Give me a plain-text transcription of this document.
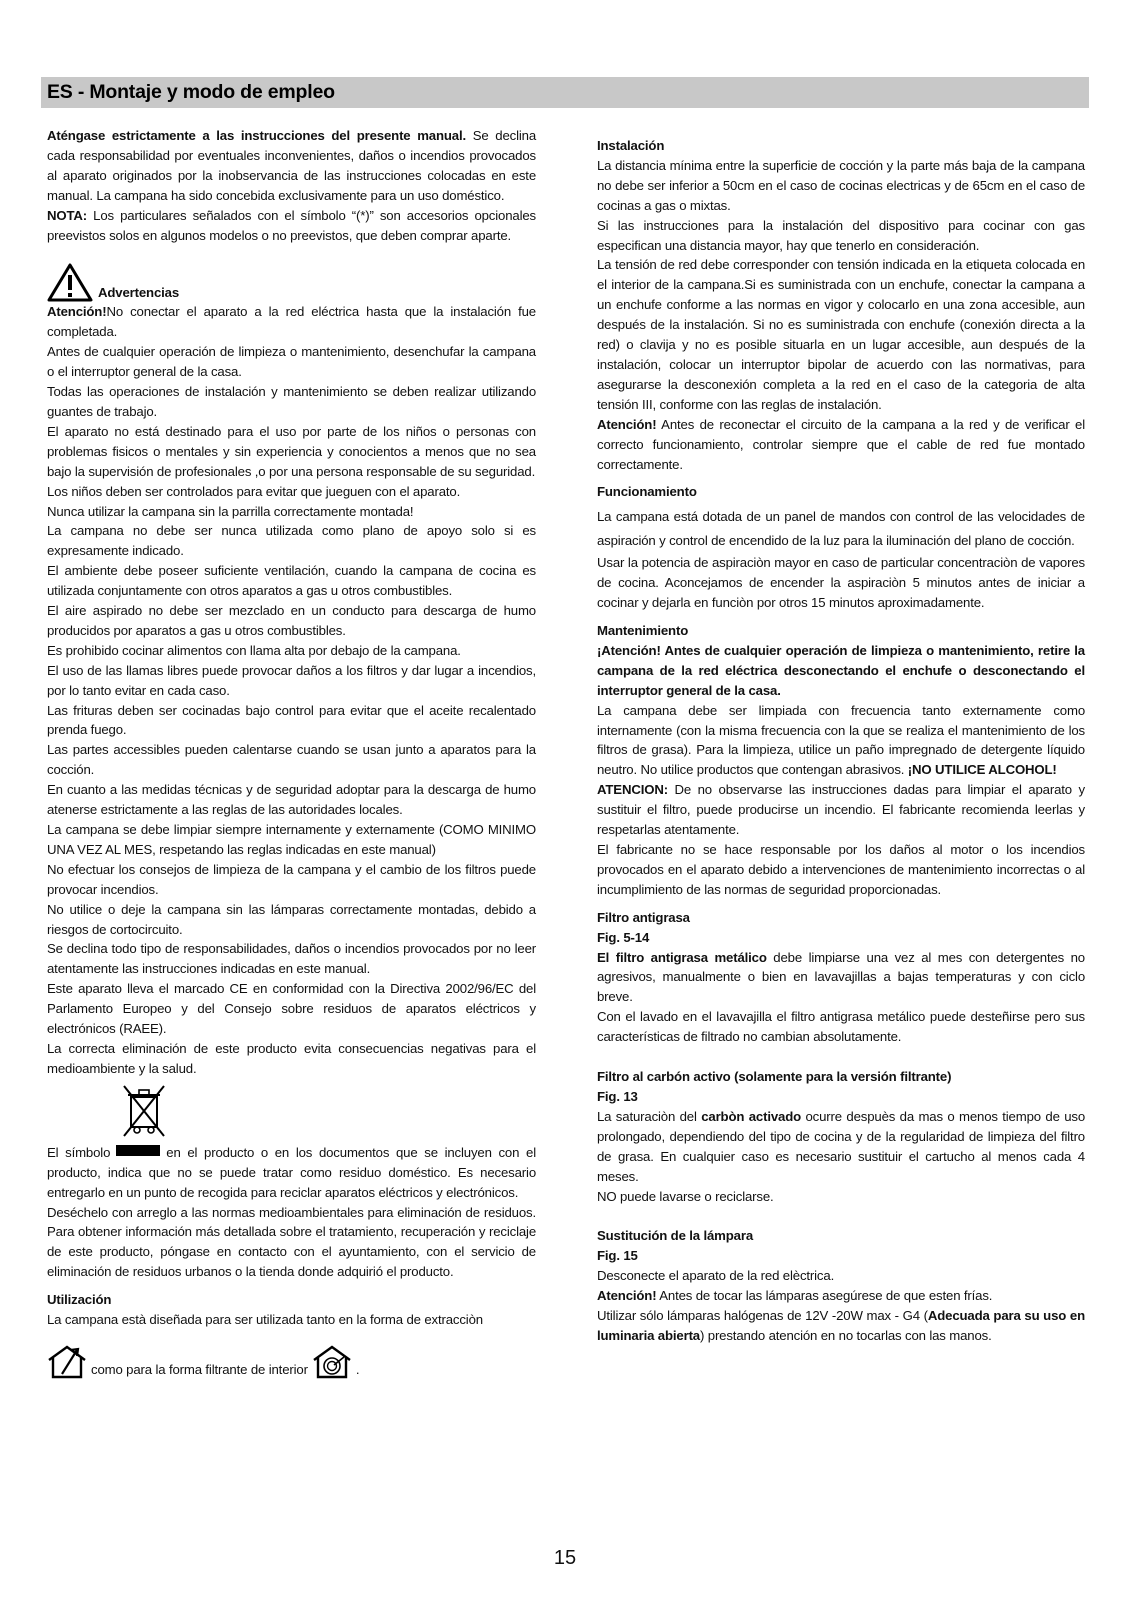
ES - Montaje y modo de empleo

Aténgase estrictamente a las instrucciones del presente manual. Se declina cada responsabilidad por eventuales inconvenientes, daños o incendios provocados al aparato originados por la inobservancia de las instrucciones colocadas en este manual. La campana ha sido concebida exclusivamente para un uso doméstico.

NOTA: Los particulares señalados con el símbolo “(*)” son accesorios opcionales preevistos solos en algunos modelos o no preevistos, que deben comprar aparte.

Advertencias

Atención!No conectar el aparato a la red eléctrica hasta que la instalación fue completada.

Antes de cualquier operación de limpieza o mantenimiento, desenchufar la campana o el interruptor general de la casa.

Todas las operaciones de instalación y mantenimiento se deben realizar utilizando guantes de trabajo.

El aparato no está destinado para el uso por parte de los niños o personas con problemas fisicos o mentales y sin experiencia y conocientos a menos que no sea bajo la supervisión de profesionales ,o por una persona responsable de su seguridad.

Los niños deben ser controlados para evitar que jueguen con el aparato.

Nunca utilizar la campana sin la parrilla correctamente montada!

La campana no debe ser nunca utilizada como plano de apoyo solo si es expresamente indicado.

El ambiente debe poseer suficiente ventilación, cuando la campana de cocina es utilizada conjuntamente con otros aparatos a gas u otros combustibles.

El aire aspirado no debe ser mezclado en un conducto para descarga de humo producidos por aparatos a gas u otros combustibles.

Es prohibido cocinar alimentos con llama alta por debajo de la campana.

El uso de las llamas libres puede provocar daños a los filtros y dar lugar a incendios, por lo tanto evitar en cada caso.

Las frituras deben ser cocinadas bajo control para evitar que el aceite recalentado prenda fuego.

Las partes accessibles pueden calentarse cuando se usan junto a aparatos para la cocción.

En cuanto a las medidas técnicas y de seguridad adoptar para la descarga de humo atenerse estrictamente a las reglas de las autoridades locales.

La campana se debe limpiar siempre internamente y externamente (COMO MINIMO UNA VEZ AL MES, respetando las reglas indicadas en este manual)

No efectuar los consejos de limpieza de la campana y el cambio de los filtros puede provocar incendios.

No utilice o deje la campana sin las lámparas correctamente montadas, debido a riesgos de cortocircuito.

Se declina todo tipo de responsabilidades, daños o incendios provocados por no leer atentamente las instrucciones indicadas en este manual.

Este aparato lleva el marcado CE en conformidad con la Directiva 2002/96/EC del Parlamento Europeo y del Consejo sobre residuos de aparatos eléctricos y electrónicos (RAEE).

La correcta eliminación de este producto evita consecuencias negativas para el medioambiente y la salud.

El símbolo	en el producto o en los documentos que se incluyen con el producto, indica que no se puede tratar como residuo doméstico. Es necesario entregarlo en un punto de recogida para reciclar aparatos eléctricos y electrónicos.

Deséchelo con arreglo a las normas medioambientales para eliminación de residuos. Para obtener información más detallada sobre el tratamiento, recuperación y reciclaje de este producto, póngase en contacto con el ayuntamiento, con el servicio de eliminación de residuos urbanos o la tienda donde adquirió el producto.

Utilización

La campana està diseñada para ser utilizada tanto en la forma de extracciòn

como para la forma filtrante de interior	.

Instalación

La distancia mínima entre la superficie de cocción y la parte más baja de la campana no debe ser inferior a 50cm en el caso de cocinas electricas y de 65cm en el caso de cocinas a gas o mixtas.

Si las instrucciones para la instalación del dispositivo para cocinar con gas especifican una distancia mayor, hay que tenerlo en consideración.

La tensión de red debe corresponder con tensión indicada en la etiqueta colocada en el interior de la campana.Si es suministrada con un enchufe, conectar la campana a un enchufe conforme a las normas en vigor y colocarlo en una zona accesible, aun después de la instalación. Si no es suministrada con enchufe (conexión directa a la red) o clavija y no es posible situarla en un lugar accesible, aun después de la instalación, colocar un interruptor bipolar de acuerdo con las normativas, para asegurarse la desconexión completa a la red en el caso de la categoria de alta tensión III, conforme con las reglas de instalación.

Atención! Antes de reconectar el circuito de la campana a la red y de verificar el correcto funcionamiento, controlar siempre que el cable de red fue montado correctamente.

Funcionamiento

La campana está dotada de un panel de mandos con control de las velocidades de aspiración y control de encendido de la luz para la iluminación del plano de cocción.

Usar la potencia de aspiraciòn mayor en caso de particular concentraciòn de vapores de cocina. Aconcejamos de encender la aspiraciòn 5 minutos antes de iniciar a cocinar y dejarla en funciòn por otros 15 minutos aproximadamente.

Mantenimiento

¡Atención! Antes de cualquier operación de limpieza o mantenimiento, retire la campana de la red eléctrica desconectando el enchufe o desconectando el interruptor general de la casa.

La campana debe ser limpiada con frecuencia tanto externamente como internamente (con la misma frecuencia con la que se realiza el mantenimiento de los filtros de grasa). Para la limpieza, utilice un paño impregnado de detergente líquido neutro. No utilice productos que contengan abrasivos. ¡NO UTILICE ALCOHOL!

ATENCION: De no observarse las instrucciones dadas para limpiar el aparato y sustituir el filtro, puede producirse un incendio. El fabricante recomienda leerlas y respetarlas atentamente.

El fabricante no se hace responsable por los daños al motor o los incendios provocados en el aparato debido a intervenciones de mantenimiento incorrectas o al incumplimiento de las normas de seguridad proporcionadas.

Filtro antigrasa

Fig. 5-14

El filtro antigrasa metálico debe limpiarse una vez al mes con detergentes no agresivos, manualmente o bien en lavavajillas a bajas temperaturas y con ciclo breve.

Con el lavado en el lavavajilla el filtro antigrasa metálico puede desteñirse pero sus características de filtrado no cambian absolutamente.

Filtro al carbón activo (solamente para la versión filtrante)

Fig. 13

La saturaciòn del carbòn activado ocurre despuès da mas o menos tiempo de uso prolongado, dependiendo del tipo de cocina y de la regularidad de limpieza del filtro de grasa. En cualquier caso es necesario sustituir el cartucho al menos cada 4 meses.

NO puede lavarse o reciclarse.

Sustitución de la lámpara

Fig. 15

Desconecte el aparato de la red elèctrica.

Atención! Antes de tocar las lámparas asegúrese de que esten frías.

Utilizar sólo lámparas halógenas de 12V -20W max - G4 (Adecuada para su uso en luminaria abierta) prestando atención en no tocarlas con las manos.

15
